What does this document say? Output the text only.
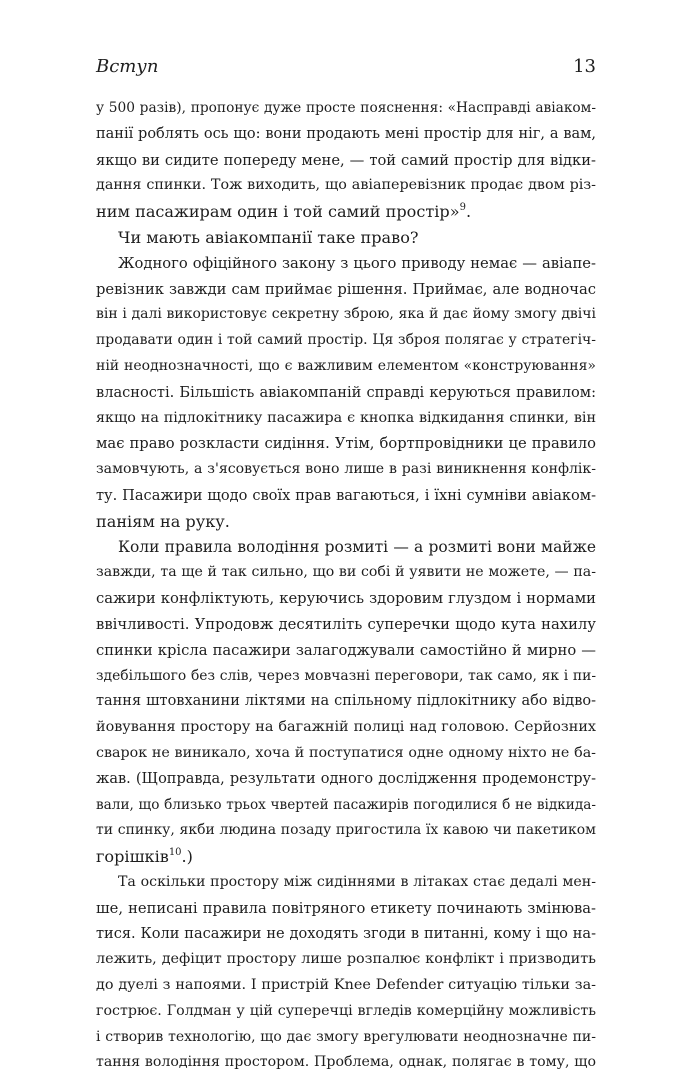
Вступ	13
у 500 разів), пропонує дуже просте пояснення: «Насправді авіаком-
панії роблять ось що: вони продають мені простір для ніг, а вам,
якщо ви сидите попереду мене, — той самий простір для відки-
дання спинки. Тож виходить, що авіаперевізник продає двом різ-
ним пасажирам один і той самий простір»$^9$.
Чи мають авіакомпанії таке право?
Жодного офіційного закону з цього приводу немає — авіапе-
ревізник завжди сам приймає рішення. Приймає, але водночас
він і далі використовує секретну зброю, яка й дає йому змогу двічі
продавати один і той самий простір. Ця зброя полягає у стратегіч-
ній неоднозначності, що є важливим елементом «конструювання»
власності. Більшість авіакомпаній справді керуються правилом:
якщо на підлокітнику пасажира є кнопка відкидання спинки, він
має право розкласти сидіння. Утім, бортпровідники це правило
замовчують, а з'ясовується воно лише в разі виникнення конфлік-
ту. Пасажири щодо своїх прав вагаються, і їхні сумніви авіаком-
паніям на руку.
Коли правила володіння розмиті — а розмиті вони майже
завжди, та ще й так сильно, що ви собі й уявити не можете, — па-
сажири конфліктують, керуючись здоровим глуздом і нормами
ввічливості. Упродовж десятиліть суперечки щодо кута нахилу
спинки крісла пасажири залагоджували самостійно й мирно —
здебільшого без слів, через мовчазні переговори, так само, як і пи-
тання штовханини ліктями на спільному підлокітнику або відво-
йовування простору на багажній полиці над головою. Серйозних
сварок не виникало, хоча й поступатися одне одному ніхто не ба-
жав. (Щоправда, результати одного дослідження продемонстру-
вали, що близько трьох чвертей пасажирів погодилися б не відкида-
ти спинку, якби людина позаду пригостила їх кавою чи пакетиком
горішків$^{10}$.)
Та оскільки простору між сидіннями в літаках стає дедалі мен-
ше, неписані правила повітряного етикету починають змінюва-
тися. Коли пасажири не доходять згоди в питанні, кому і що на-
лежить, дефіцит простору лише розпалює конфлікт і призводить
до дуелі з напоями. І пристрій Knee Defender ситуацію тільки за-
гострює. Голдман у цій суперечці вгледів комерційну можливість
і створив технологію, що дає змогу врегулювати неоднозначне пи-
тання володіння простором. Проблема, однак, полягає в тому, що
